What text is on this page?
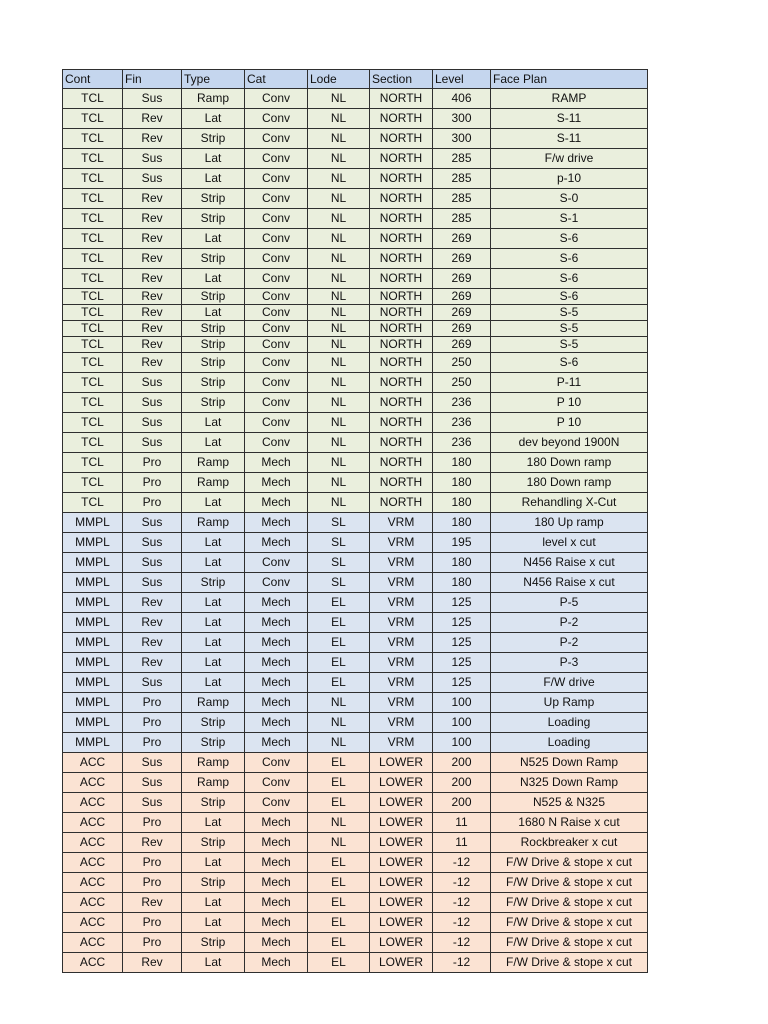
Cont	Fin	Type	Cat	Lode	Section	Level	Face Plan
TCL	Sus	Ramp	Conv	NL	NORTH	406	RAMP
TCL	Rev	Lat	Conv	NL	NORTH	300	S-11
TCL	Rev	Strip	Conv	NL	NORTH	300	S-11
TCL	Sus	Lat	Conv	NL	NORTH	285	F/w drive
TCL	Sus	Lat	Conv	NL	NORTH	285	p-10
TCL	Rev	Strip	Conv	NL	NORTH	285	S-0
TCL	Rev	Strip	Conv	NL	NORTH	285	S-1
TCL	Rev	Lat	Conv	NL	NORTH	269	S-6
TCL	Rev	Strip	Conv	NL	NORTH	269	S-6
TCL	Rev	Lat	Conv	NL	NORTH	269	S-6
TCL	Rev	Strip	Conv	NL	NORTH	269	S-6
TCL	Rev	Lat	Conv	NL	NORTH	269	S-5
TCL	Rev	Strip	Conv	NL	NORTH	269	S-5
TCL	Rev	Strip	Conv	NL	NORTH	269	S-5
TCL	Rev	Strip	Conv	NL	NORTH	250	S-6
TCL	Sus	Strip	Conv	NL	NORTH	250	P-11
TCL	Sus	Strip	Conv	NL	NORTH	236	P 10
TCL	Sus	Lat	Conv	NL	NORTH	236	P 10
TCL	Sus	Lat	Conv	NL	NORTH	236	dev beyond 1900N
TCL	Pro	Ramp	Mech	NL	NORTH	180	180 Down ramp
TCL	Pro	Ramp	Mech	NL	NORTH	180	180 Down ramp
TCL	Pro	Lat	Mech	NL	NORTH	180	Rehandling X-Cut
MMPL	Sus	Ramp	Mech	SL	VRM	180	180 Up ramp
MMPL	Sus	Lat	Mech	SL	VRM	195	level x cut
MMPL	Sus	Lat	Conv	SL	VRM	180	N456 Raise x cut
MMPL	Sus	Strip	Conv	SL	VRM	180	N456 Raise x cut
MMPL	Rev	Lat	Mech	EL	VRM	125	P-5
MMPL	Rev	Lat	Mech	EL	VRM	125	P-2
MMPL	Rev	Lat	Mech	EL	VRM	125	P-2
MMPL	Rev	Lat	Mech	EL	VRM	125	P-3
MMPL	Sus	Lat	Mech	EL	VRM	125	F/W drive
MMPL	Pro	Ramp	Mech	NL	VRM	100	Up Ramp
MMPL	Pro	Strip	Mech	NL	VRM	100	Loading
MMPL	Pro	Strip	Mech	NL	VRM	100	Loading
ACC	Sus	Ramp	Conv	EL	LOWER	200	N525 Down Ramp
ACC	Sus	Ramp	Conv	EL	LOWER	200	N325 Down Ramp
ACC	Sus	Strip	Conv	EL	LOWER	200	N525 & N325
ACC	Pro	Lat	Mech	NL	LOWER	11	1680 N Raise x cut
ACC	Rev	Strip	Mech	NL	LOWER	11	Rockbreaker x cut
ACC	Pro	Lat	Mech	EL	LOWER	-12	F/W Drive & stope x cut
ACC	Pro	Strip	Mech	EL	LOWER	-12	F/W Drive & stope x cut
ACC	Rev	Lat	Mech	EL	LOWER	-12	F/W Drive & stope x cut
ACC	Pro	Lat	Mech	EL	LOWER	-12	F/W Drive & stope x cut
ACC	Pro	Strip	Mech	EL	LOWER	-12	F/W Drive & stope x cut
ACC	Rev	Lat	Mech	EL	LOWER	-12	F/W Drive & stope x cut
